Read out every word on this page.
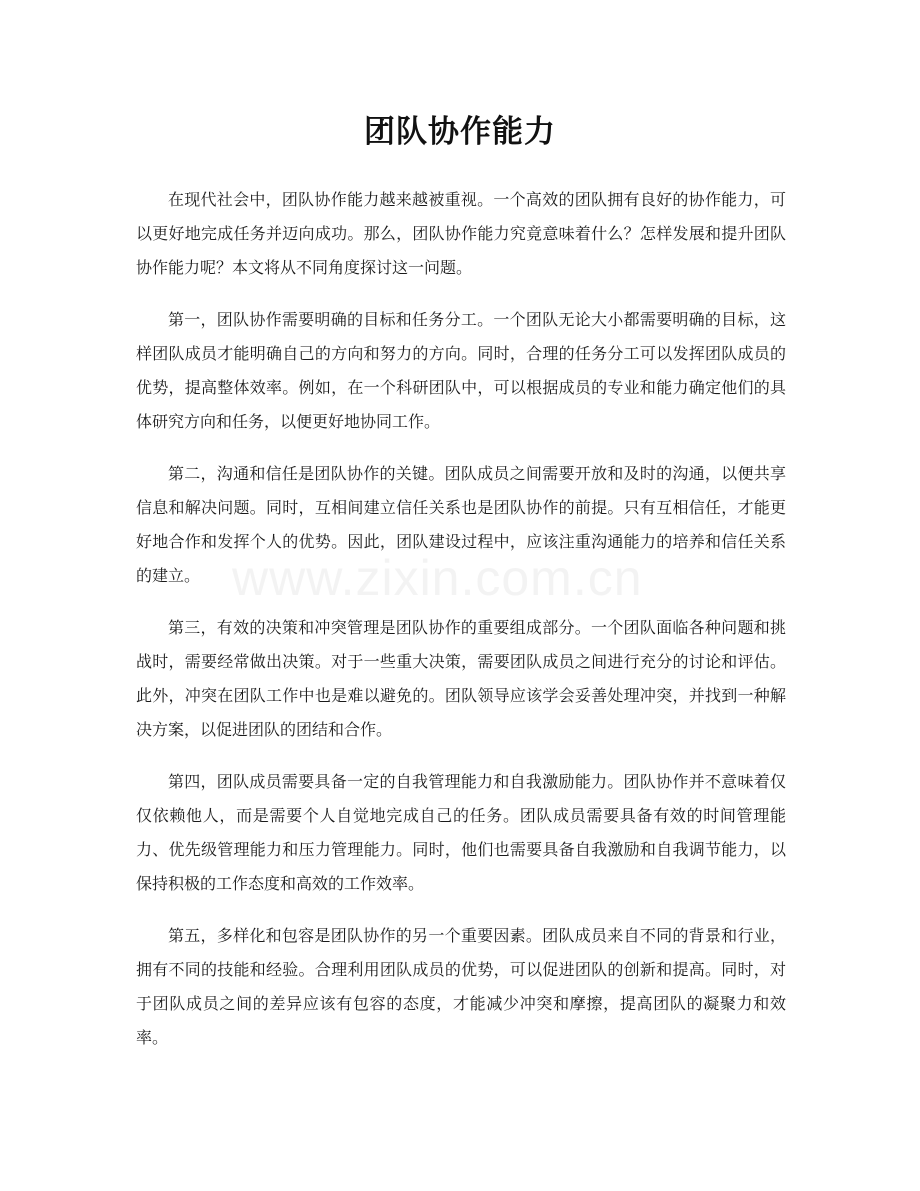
团队协作能力

在现代社会中，团队协作能力越来越被重视。一个高效的团队拥有良好的协作能力，可以更好地完成任务并迈向成功。那么，团队协作能力究竟意味着什么？怎样发展和提升团队协作能力呢？本文将从不同角度探讨这一问题。

第一，团队协作需要明确的目标和任务分工。一个团队无论大小都需要明确的目标，这样团队成员才能明确自己的方向和努力的方向。同时，合理的任务分工可以发挥团队成员的优势，提高整体效率。例如，在一个科研团队中，可以根据成员的专业和能力确定他们的具体研究方向和任务，以便更好地协同工作。

第二，沟通和信任是团队协作的关键。团队成员之间需要开放和及时的沟通，以便共享信息和解决问题。同时，互相间建立信任关系也是团队协作的前提。只有互相信任，才能更好地合作和发挥个人的优势。因此，团队建设过程中，应该注重沟通能力的培养和信任关系的建立。

第三，有效的决策和冲突管理是团队协作的重要组成部分。一个团队面临各种问题和挑战时，需要经常做出决策。对于一些重大决策，需要团队成员之间进行充分的讨论和评估。此外，冲突在团队工作中也是难以避免的。团队领导应该学会妥善处理冲突，并找到一种解决方案，以促进团队的团结和合作。

第四，团队成员需要具备一定的自我管理能力和自我激励能力。团队协作并不意味着仅仅依赖他人，而是需要个人自觉地完成自己的任务。团队成员需要具备有效的时间管理能力、优先级管理能力和压力管理能力。同时，他们也需要具备自我激励和自我调节能力，以保持积极的工作态度和高效的工作效率。

第五，多样化和包容是团队协作的另一个重要因素。团队成员来自不同的背景和行业，拥有不同的技能和经验。合理利用团队成员的优势，可以促进团队的创新和提高。同时，对于团队成员之间的差异应该有包容的态度，才能减少冲突和摩擦，提高团队的凝聚力和效率。

www.zixin.com.cn
